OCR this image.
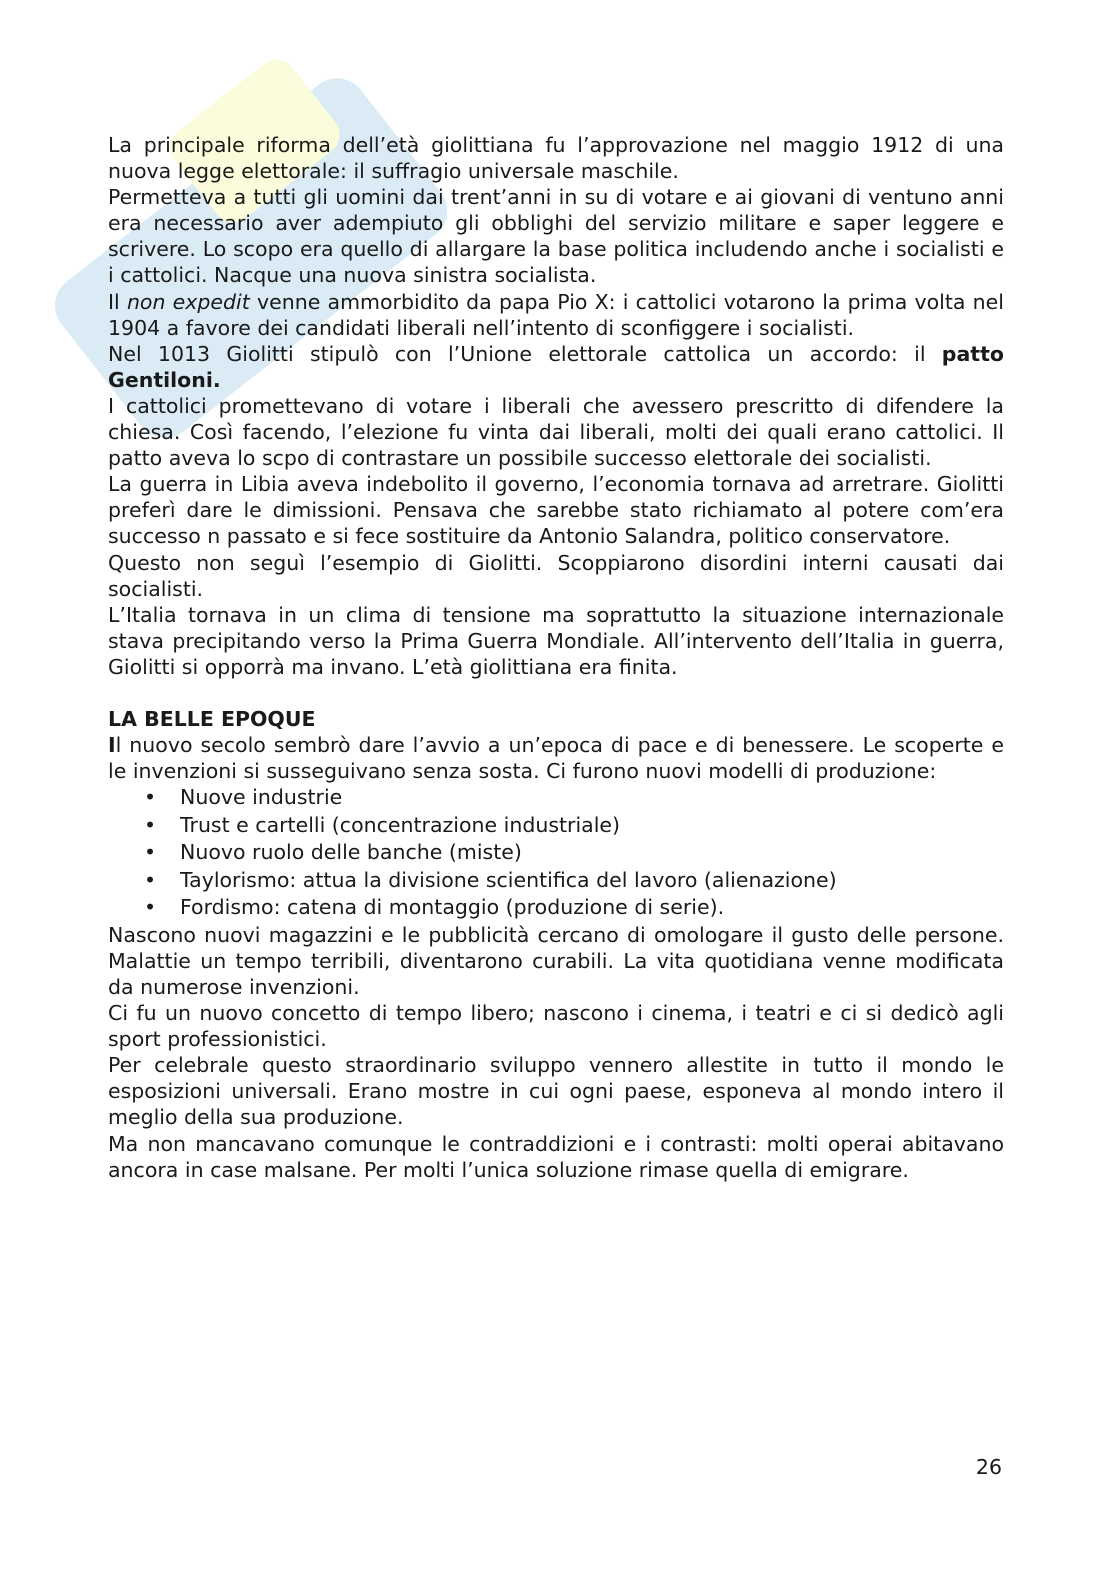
La principale riforma dell’età giolittiana fu l’approvazione nel maggio 1912 di una nuova legge elettorale: il suffragio universale maschile.

Permetteva a tutti gli uomini dai trent’anni in su di votare e ai giovani di ventuno anni era necessario aver adempiuto gli obblighi del servizio militare e saper leggere e scrivere. Lo scopo era quello di allargare la base politica includendo anche i socialisti e i cattolici. Nacque una nuova sinistra socialista.

Il non expedit venne ammorbidito da papa Pio X: i cattolici votarono la prima volta nel 1904 a favore dei candidati liberali nell’intento di sconfiggere i socialisti.

Nel 1013 Giolitti stipulò con l’Unione elettorale cattolica un accordo: il patto Gentiloni.

I cattolici promettevano di votare i liberali che avessero prescritto di difendere la chiesa. Così facendo, l’elezione fu vinta dai liberali, molti dei quali erano cattolici. Il patto aveva lo scpo di contrastare un possibile successo elettorale dei socialisti.

La guerra in Libia aveva indebolito il governo, l’economia tornava ad arretrare. Giolitti preferì dare le dimissioni. Pensava che sarebbe stato richiamato al potere com’era successo n passato e si fece sostituire da Antonio Salandra, politico conservatore.

Questo non seguì l’esempio di Giolitti. Scoppiarono disordini interni causati dai socialisti.

L’Italia tornava in un clima di tensione ma soprattutto la situazione internazionale stava precipitando verso la Prima Guerra Mondiale. All’intervento dell’Italia in guerra, Giolitti si opporrà ma invano. L’età giolittiana era finita.

LA BELLE EPOQUE

Il nuovo secolo sembrò dare l’avvio a un’epoca di pace e di benessere. Le scoperte e le invenzioni si susseguivano senza sosta. Ci furono nuovi modelli di produzione:

• Nuove industrie
• Trust e cartelli (concentrazione industriale)
• Nuovo ruolo delle banche (miste)
• Taylorismo: attua la divisione scientifica del lavoro (alienazione)
• Fordismo: catena di montaggio (produzione di serie).

Nascono nuovi magazzini e le pubblicità cercano di omologare il gusto delle persone. Malattie un tempo terribili, diventarono curabili. La vita quotidiana venne modificata da numerose invenzioni.

Ci fu un nuovo concetto di tempo libero; nascono i cinema, i teatri e ci si dedicò agli sport professionistici.

Per celebrale questo straordinario sviluppo vennero allestite in tutto il mondo le esposizioni universali. Erano mostre in cui ogni paese, esponeva al mondo intero il meglio della sua produzione.

Ma non mancavano comunque le contraddizioni e i contrasti: molti operai abitavano ancora in case malsane. Per molti l’unica soluzione rimase quella di emigrare.

26
